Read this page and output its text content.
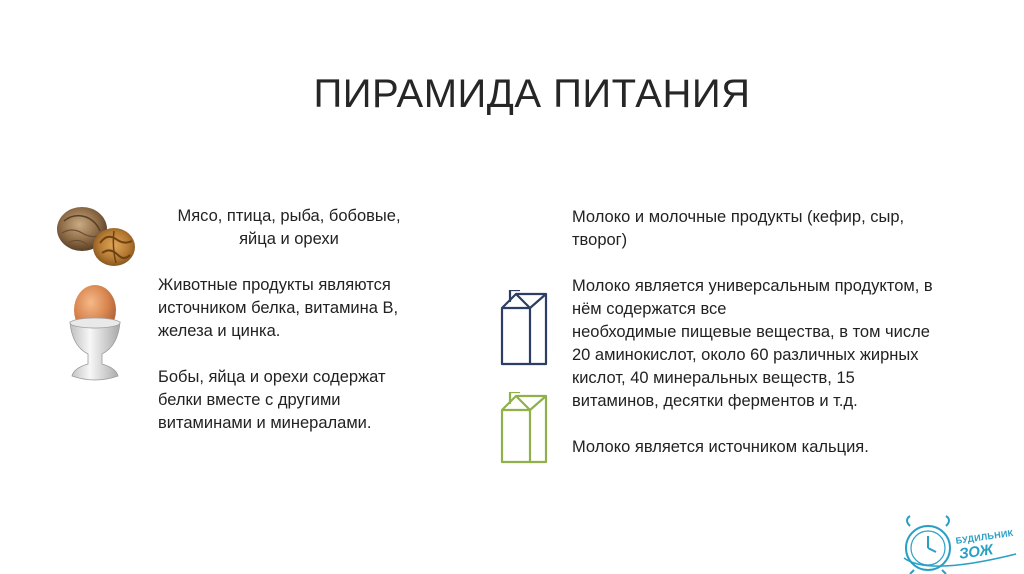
ПИРАМИДА ПИТАНИЯ

Мясо, птица, рыба, бобовые,

яйца и орехи

Животные продукты являются

источником белка, витамина В,

железа и цинка.

Бобы, яйца и орехи содержат

белки вместе с другими

витаминами и минералами.

Молоко и молочные продукты (кефир, сыр,

творог)

Молоко является универсальным продуктом, в

нём содержатся все

необходимые пищевые вещества, в том числе

20 аминокислот, около 60 различных жирных

кислот, 40 минеральных веществ, 15

витаминов, десятки ферментов и т.д.

Молоко является источником кальция.

БУДИЛЬНИК
ЗОЖ
